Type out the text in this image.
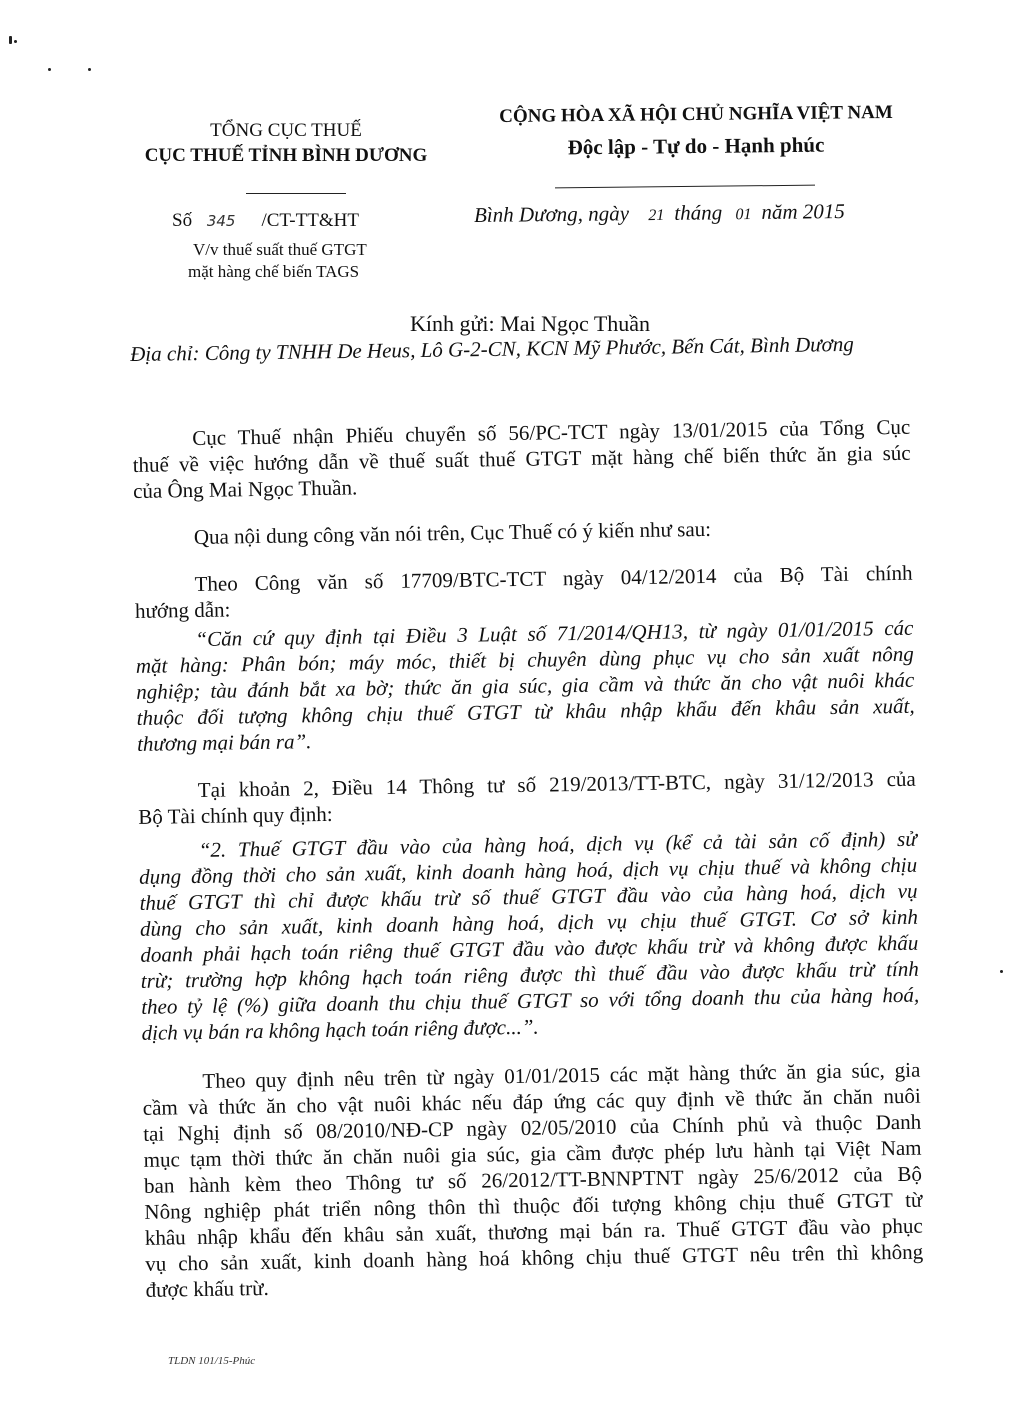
TỔNG CỤC THUẾ
CỤC THUẾ TỈNH BÌNH DƯƠNG
CỘNG HÒA XÃ HỘI CHỦ NGHĨA VIỆT NAM
Độc lập - Tự do - Hạnh phúc
Số 345 /CT-TT&HT
V/v thuế suất thuế GTGT
mặt hàng chế biến TAGS
Bình Dương, ngày 21 tháng 01 năm 2015
Kính gửi: Mai Ngọc Thuần
Địa chỉ: Công ty TNHH De Heus, Lô G-2-CN, KCN Mỹ Phước, Bến Cát, Bình Dương
Cục Thuế nhận Phiếu chuyển số 56/PC-TCT ngày 13/01/2015 của Tổng Cục
thuế về việc hướng dẫn về thuế suất thuế GTGT mặt hàng chế biến thức ăn gia súc
của Ông Mai Ngọc Thuần.
Qua nội dung công văn nói trên, Cục Thuế có ý kiến như sau:
Theo Công văn số 17709/BTC-TCT ngày 04/12/2014 của Bộ Tài chính
hướng dẫn:
“Căn cứ quy định tại Điều 3 Luật số 71/2014/QH13, từ ngày 01/01/2015 các
mặt hàng: Phân bón; máy móc, thiết bị chuyên dùng phục vụ cho sản xuất nông
nghiệp; tàu đánh bắt xa bờ; thức ăn gia súc, gia cầm và thức ăn cho vật nuôi khác
thuộc đối tượng không chịu thuế GTGT từ khâu nhập khẩu đến khâu sản xuất,
thương mại bán ra”.
Tại khoản 2, Điều 14 Thông tư số 219/2013/TT-BTC, ngày 31/12/2013 của
Bộ Tài chính quy định:
“2. Thuế GTGT đầu vào của hàng hoá, dịch vụ (kể cả tài sản cố định) sử
dụng đồng thời cho sản xuất, kinh doanh hàng hoá, dịch vụ chịu thuế và không chịu
thuế GTGT thì chỉ được khấu trừ số thuế GTGT đầu vào của hàng hoá, dịch vụ
dùng cho sản xuất, kinh doanh hàng hoá, dịch vụ chịu thuế GTGT. Cơ sở kinh
doanh phải hạch toán riêng thuế GTGT đầu vào được khấu trừ và không được khấu
trừ; trường hợp không hạch toán riêng được thì thuế đầu vào được khấu trừ tính
theo tỷ lệ (%) giữa doanh thu chịu thuế GTGT so với tổng doanh thu của hàng hoá,
dịch vụ bán ra không hạch toán riêng được...”.
Theo quy định nêu trên từ ngày 01/01/2015 các mặt hàng thức ăn gia súc, gia
cầm và thức ăn cho vật nuôi khác nếu đáp ứng các quy định về thức ăn chăn nuôi
tại Nghị định số 08/2010/NĐ-CP ngày 02/05/2010 của Chính phủ và thuộc Danh
mục tạm thời thức ăn chăn nuôi gia súc, gia cầm được phép lưu hành tại Việt Nam
ban hành kèm theo Thông tư số 26/2012/TT-BNNPTNT ngày 25/6/2012 của Bộ
Nông nghiệp phát triển nông thôn thì thuộc đối tượng không chịu thuế GTGT từ
khâu nhập khẩu đến khâu sản xuất, thương mại bán ra. Thuế GTGT đầu vào phục
vụ cho sản xuất, kinh doanh hàng hoá không chịu thuế GTGT nêu trên thì không
được khấu trừ.
TLDN 101/15-Phúc
